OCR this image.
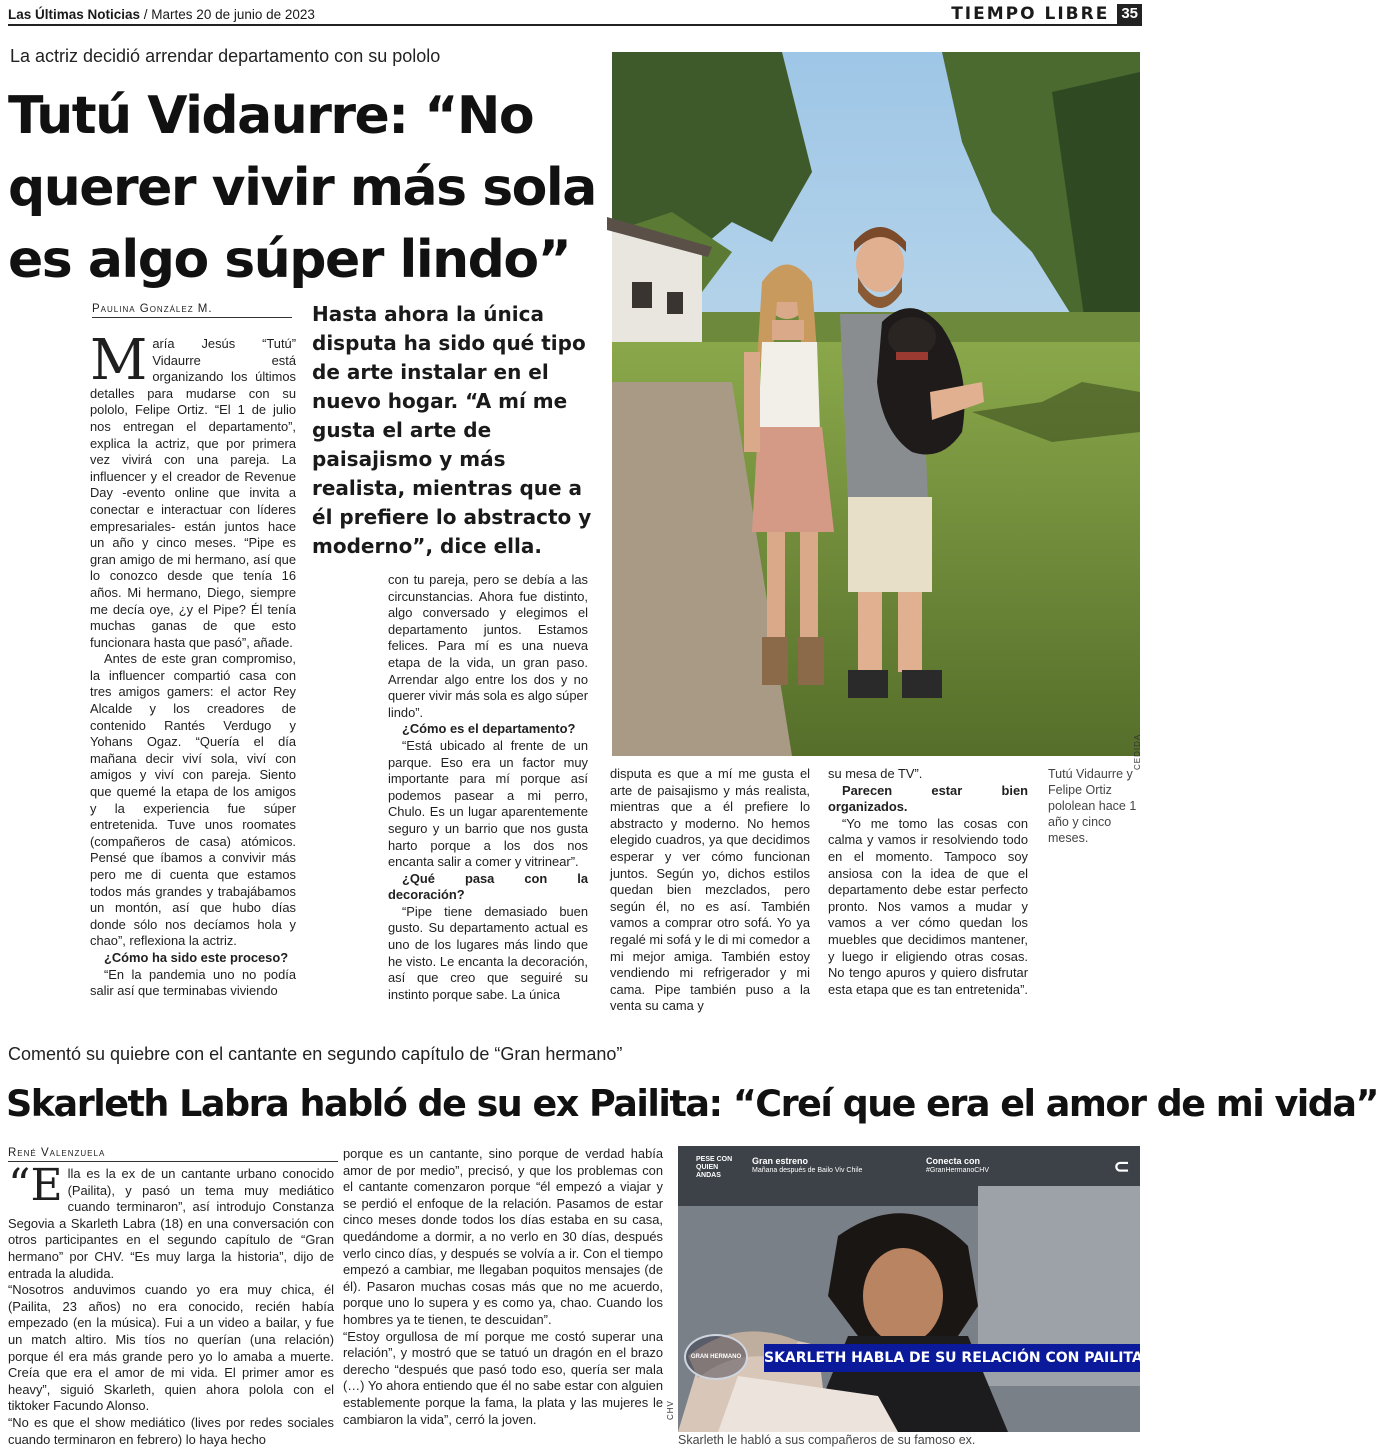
Las Últimas Noticias / Martes 20 de junio de 2023	TIEMPO LIBRE 35
La actriz decidió arrendar departamento con su pololo
Tutú Vidaurre: “No querer vivir más sola es algo súper lindo”
Paulina González M.

María Jesús “Tutú” Vidaurre está organizando los últimos detalles para mudarse con su pololo, Felipe Ortiz. “El 1 de julio nos entregan el departamento”, explica la actriz, que por primera vez vivirá con una pareja. La influencer y el creador de Revenue Day -evento online que invita a conectar e interactuar con líderes empresariales- están juntos hace un año y cinco meses. “Pipe es gran amigo de mi hermano, así que lo conozco desde que tenía 16 años. Mi hermano, Diego, siempre me decía oye, ¿y el Pipe? Él tenía muchas ganas de que esto funcionara hasta que pasó”, añade.

Antes de este gran compromiso, la influencer compartió casa con tres amigos gamers: el actor Rey Alcalde y los creadores de contenido Rantés Verdugo y Yohans Ogaz. “Quería el día mañana decir viví sola, viví con amigos y viví con pareja. Siento que quemé la etapa de los amigos y la experiencia fue súper entretenida. Tuve unos roomates (compañeros de casa) atómicos. Pensé que íbamos a convivir más pero me di cuenta que estamos todos más grandes y trabajábamos un montón, así que hubo días donde sólo nos decíamos hola y chao”, reflexiona la actriz.

¿Cómo ha sido este proceso?

“En la pandemia uno no podía salir así que terminabas viviendo

Hasta ahora la única disputa ha sido qué tipo de arte instalar en el nuevo hogar. “A mí me gusta el arte de paisajismo y más realista, mientras que a él prefiere lo abstracto y moderno”, dice ella.

con tu pareja, pero se debía a las circunstancias. Ahora fue distinto, algo conversado y elegimos el departamento juntos. Estamos felices. Para mí es una nueva etapa de la vida, un gran paso. Arrendar algo entre los dos y no querer vivir más sola es algo súper lindo”.

¿Cómo es el departamento?

“Está ubicado al frente de un parque. Eso era un factor muy importante para mí porque así podemos pasear a mi perro, Chulo. Es un lugar aparentemente seguro y un barrio que nos gusta harto porque a los dos nos encanta salir a comer y vitrinear”.

¿Qué pasa con la decoración?

“Pipe tiene demasiado buen gusto. Su departamento actual es uno de los lugares más lindo que he visto. Le encanta la decoración, así que creo que seguiré su instinto porque sabe. La única

disputa es que a mí me gusta el arte de paisajismo y más realista, mientras que a él prefiere lo abstracto y moderno. No hemos elegido cuadros, ya que decidimos esperar y ver cómo funcionan juntos. Según yo, dichos estilos quedan bien mezclados, pero según él, no es así. También vamos a comprar otro sofá. Yo ya regalé mi sofá y le di mi comedor a mi mejor amiga. También estoy vendiendo mi refrigerador y mi cama. Pipe también puso a la venta su cama y

su mesa de TV”.

Parecen estar bien organizados.

“Yo me tomo las cosas con calma y vamos ir resolviendo todo en el momento. Tampoco soy ansiosa con la idea de que el departamento debe estar perfecto pronto. Nos vamos a mudar y vamos a ver cómo quedan los muebles que decidimos mantener, y luego ir eligiendo otras cosas. No tengo apuros y quiero disfrutar esta etapa que es tan entretenida”.

CEDIDA
Tutú Vidaurre y Felipe Ortiz pololean hace 1 año y cinco meses.
Comentó su quiebre con el cantante en segundo capítulo de “Gran hermano”
Skarleth Labra habló de su ex Pailita: “Creí que era el amor de mi vida”
René Valenzuela

“Ella es la ex de un cantante urbano conocido (Pailita), y pasó un tema muy mediático cuando terminaron”, así introdujo Constanza Segovia a Skarleth Labra (18) en una conversación con otros participantes en el segundo capítulo de “Gran hermano” por CHV. “Es muy larga la historia”, dijo de entrada la aludida.

“Nosotros anduvimos cuando yo era muy chica, él (Pailita, 23 años) no era conocido, recién había empezado (en la música). Fui a un video a bailar, y fue un match altiro. Mis tíos no querían (una relación) porque él era más grande pero yo lo amaba a muerte. Creía que era el amor de mi vida. El primer amor es heavy”, siguió Skarleth, quien ahora polola con el tiktoker Facundo Alonso.

“No es que el show mediático (lives por redes sociales cuando terminaron en febrero) lo haya hecho

porque es un cantante, sino porque de verdad había amor de por medio”, precisó, y que los problemas con el cantante comenzaron porque “él empezó a viajar y se perdió el enfoque de la relación. Pasamos de estar cinco meses donde todos los días estaba en su casa, quedándome a dormir, a no verlo en 30 días, después verlo cinco días, y después se volvía a ir. Con el tiempo empezó a cambiar, me llegaban poquitos mensajes (de él). Pasaron muchas cosas más que no me acuerdo, porque uno lo supera y es como ya, chao. Cuando los hombres ya te tienen, te descuidan”.

“Estoy orgullosa de mí porque me costó superar una relación”, y mostró que se tatuó un dragón en el brazo derecho “después que pasó todo eso, quería ser mala (…) Yo ahora entiendo que él no sabe estar con alguien establemente porque la fama, la plata y las mujeres le cambiaron la vida”, cerró la joven.

PESE CON QUIEN ANDAS
Gran estreno
Mañana después de Bailo Viv Chile
Conecta con
#GranHermanoCHV	⊂
GRAN HERMANO	SKARLETH HABLA DE SU RELACIÓN CON PAILITA
CHV
Skarleth le habló a sus compañeros de su famoso ex.
